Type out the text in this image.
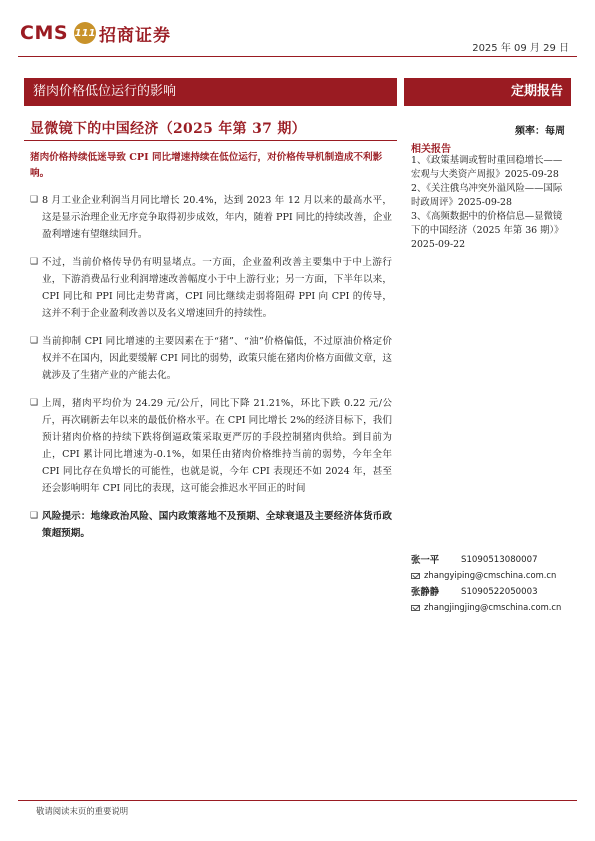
CMS 111 招商证券
2025 年 09 月 29 日
猪肉价格低位运行的影响	定期报告
显微镜下的中国经济（2025 年第 37 期）	频率：每周
猪肉价格持续低迷导致 CPI 同比增速持续在低位运行，对价格传导机制造成不利影响。
❑ 8 月工业企业利润当月同比增长 20.4%，达到 2023 年 12 月以来的最高水平，这是显示治理企业无序竞争取得初步成效，年内，随着 PPI 同比的持续改善，企业盈利增速有望继续回升。
❑ 不过，当前价格传导仍有明显堵点。一方面，企业盈利改善主要集中于中上游行业，下游消费品行业利润增速改善幅度小于中上游行业；另一方面，下半年以来，CPI 同比和 PPI 同比走势背离，CPI 同比继续走弱将阻碍 PPI 向 CPI 的传导，这并不利于企业盈利改善以及名义增速回升的持续性。
❑ 当前抑制 CPI 同比增速的主要因素在于“猪”、“油”价格偏低，不过原油价格定价权并不在国内，因此要缓解 CPI 同比的弱势，政策只能在猪肉价格方面做文章，这就涉及了生猪产业的产能去化。
❑ 上周，猪肉平均价为 24.29 元/公斤，同比下降 21.21%，环比下跌 0.22 元/公斤，再次刷新去年以来的最低价格水平。在 CPI 同比增长 2%的经济目标下，我们预计猪肉价格的持续下跌将倒逼政策采取更严厉的手段控制猪肉供给。到目前为止，CPI 累计同比增速为-0.1%，如果任由猪肉价格维持当前的弱势，今年全年 CPI 同比存在负增长的可能性，也就是说，今年 CPI 表现还不如 2024 年，甚至还会影响明年 CPI 同比的表现，这可能会推迟水平回正的时间
❑ 风险提示：地缘政治风险、国内政策落地不及预期、全球衰退及主要经济体货币政策超预期。
相关报告
1、《政策基调或暂时重回稳增长——宏观与大类资产周报》2025-09-28
2、《关注俄乌冲突外溢风险——国际时政周评》2025-09-28
3、《高频数据中的价格信息—显微镜下的中国经济（2025 年第 36 期）》2025-09-22
张一平	S1090513080007
zhangyiping@cmschina.com.cn
张静静	S1090522050003
zhangjingjing@cmschina.com.cn
敬请阅读末页的重要说明
